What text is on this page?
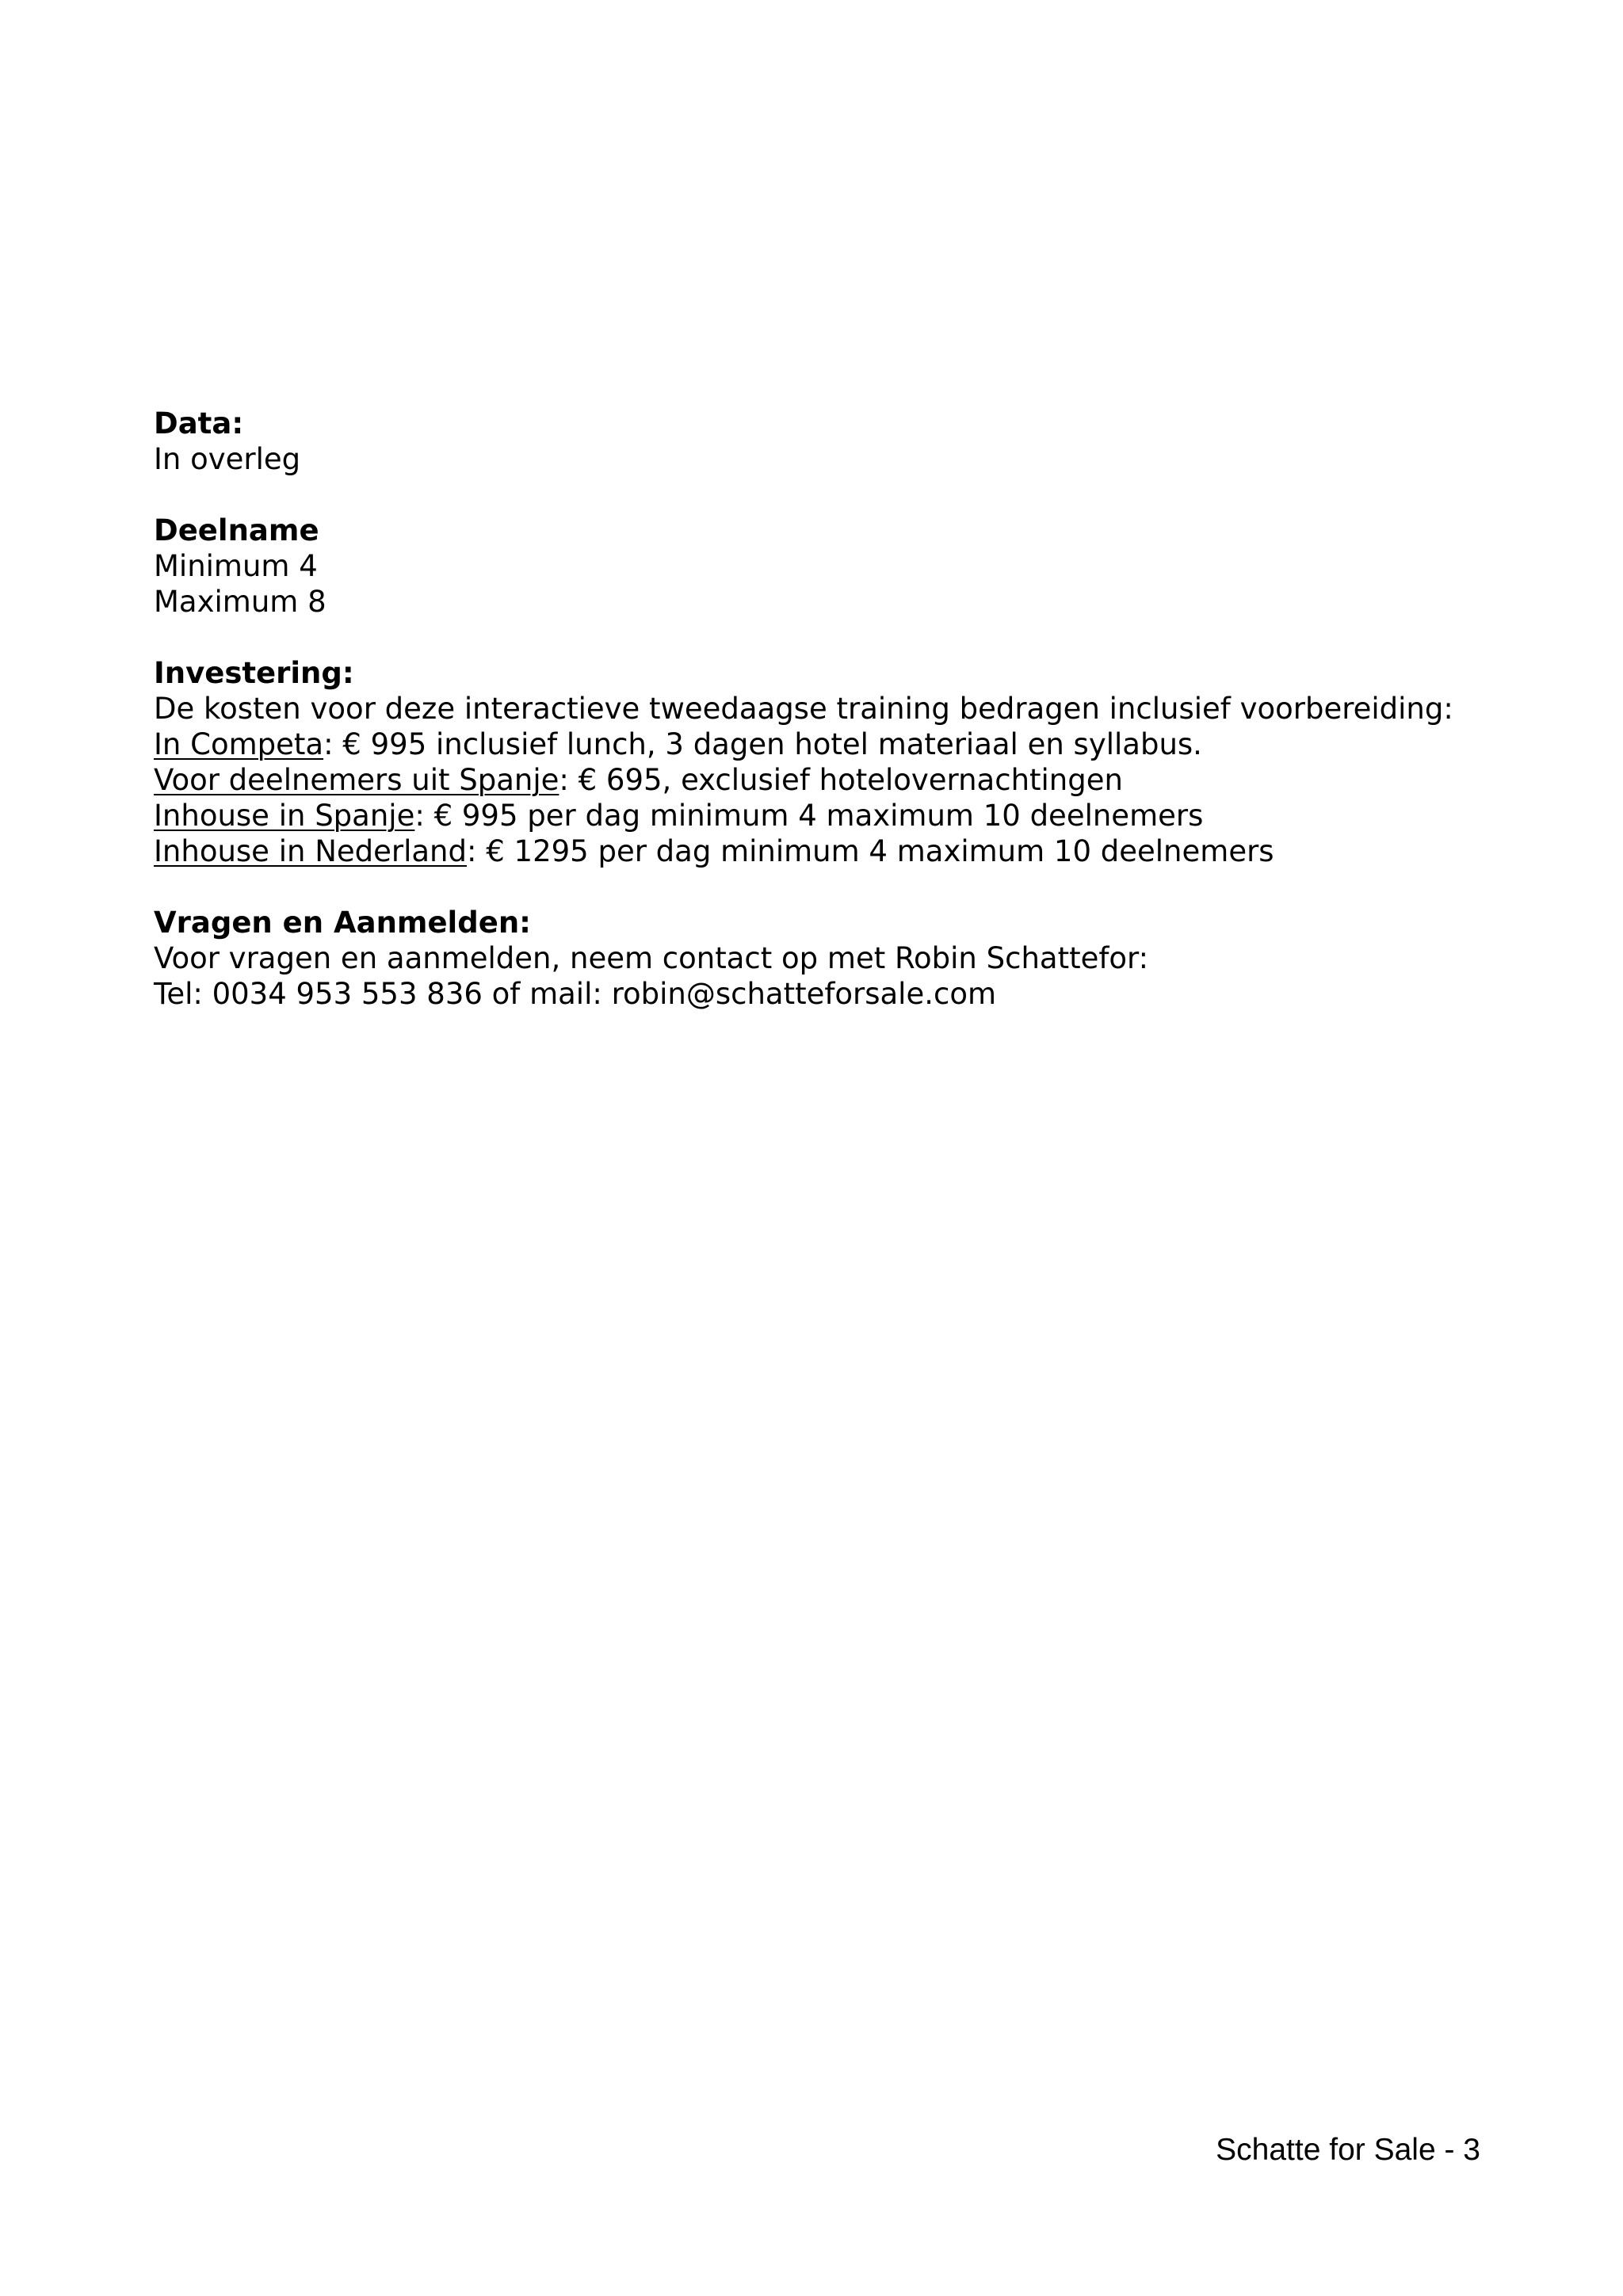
Data:
In overleg
Deelname
Minimum 4
Maximum 8
Investering:
De kosten voor deze interactieve tweedaagse training bedragen inclusief voorbereiding:
In Competa: € 995 inclusief lunch, 3 dagen hotel materiaal en syllabus.
Voor deelnemers uit Spanje: € 695, exclusief hotelovernachtingen
Inhouse in Spanje: € 995 per dag minimum 4 maximum 10 deelnemers
Inhouse in Nederland: € 1295 per dag minimum 4 maximum 10 deelnemers
Vragen en Aanmelden:
Voor vragen en aanmelden, neem contact op met Robin Schattefor:
Tel: 0034 953 553 836 of mail: robin@schatteforsale.com
Schatte for Sale - 3
